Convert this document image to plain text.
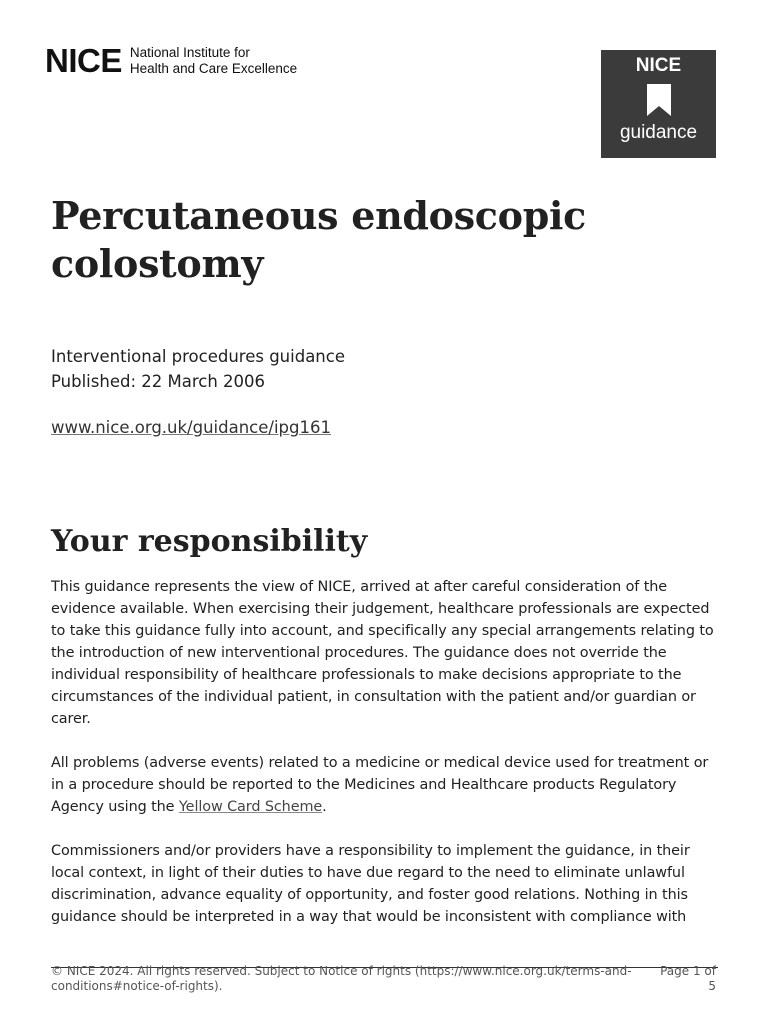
NICE National Institute for
Health and Care Excellence	NICE
guidance
Percutaneous endoscopic
colostomy
Interventional procedures guidance
Published: 22 March 2006
www.nice.org.uk/guidance/ipg161
Your responsibility

This guidance represents the view of NICE, arrived at after careful consideration of the evidence available. When exercising their judgement, healthcare professionals are expected to take this guidance fully into account, and specifically any special arrangements relating to the introduction of new interventional procedures. The guidance does not override the individual responsibility of healthcare professionals to make decisions appropriate to the circumstances of the individual patient, in consultation with the patient and/or guardian or carer.

All problems (adverse events) related to a medicine or medical device used for treatment or in a procedure should be reported to the Medicines and Healthcare products Regulatory Agency using the Yellow Card Scheme.

Commissioners and/or providers have a responsibility to implement the guidance, in their local context, in light of their duties to have due regard to the need to eliminate unlawful discrimination, advance equality of opportunity, and foster good relations. Nothing in this guidance should be interpreted in a way that would be inconsistent with compliance with

© NICE 2024. All rights reserved. Subject to Notice of rights (https://www.nice.org.uk/terms-and-conditions#notice-of-rights).
Page 1 of 5
